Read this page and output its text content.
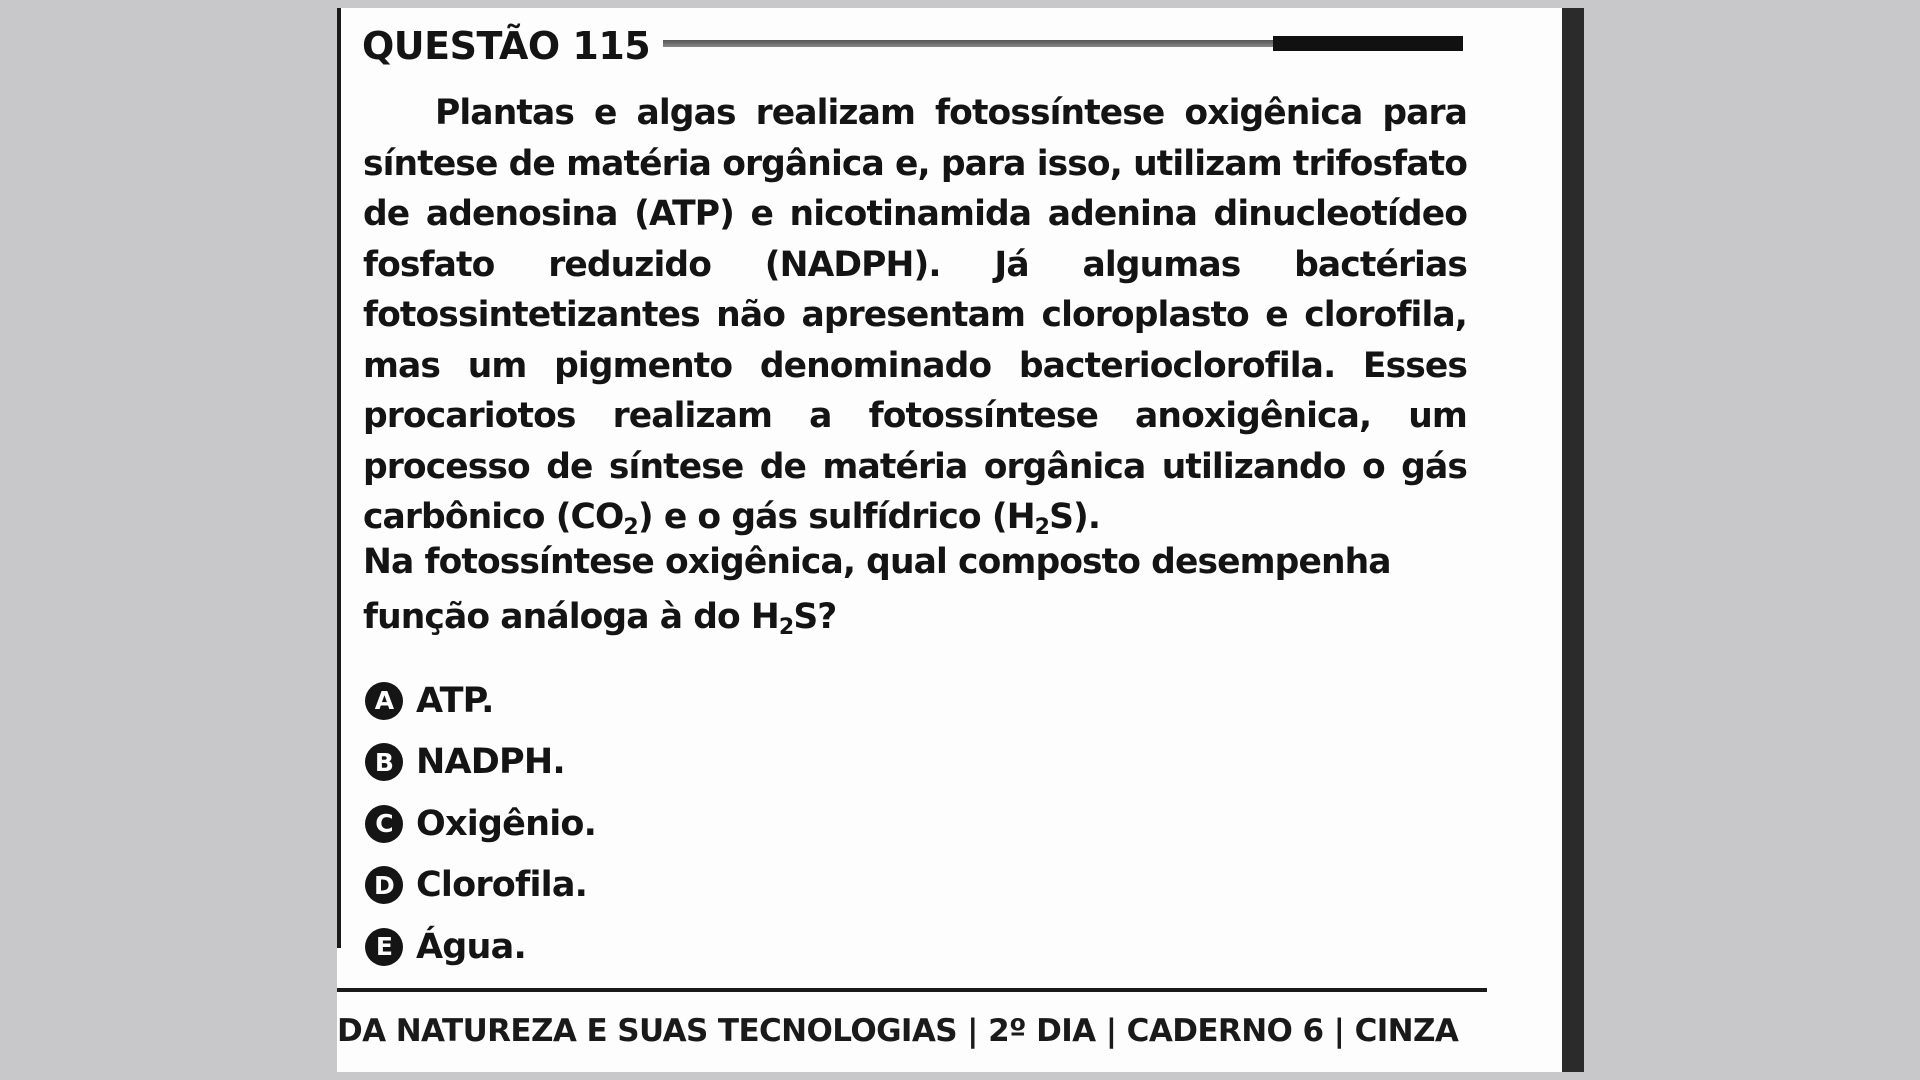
QUESTÃO 115

Plantas e algas realizam fotossíntese oxigênica para síntese de matéria orgânica e, para isso, utilizam trifosfato de adenosina (ATP) e nicotinamida adenina dinucleotídeo fosfato reduzido (NADPH). Já algumas bactérias fotossintetizantes não apresentam cloroplasto e clorofila, mas um pigmento denominado bacterioclorofila. Esses procariotos realizam a fotossíntese anoxigênica, um processo de síntese de matéria orgânica utilizando o gás carbônico $(CO_2)$ e o gás sulfídrico $(H_2S)$.

Na fotossíntese oxigênica, qual composto desempenha função análoga à do $H_2S$?

A ATP.
B NADPH.
C Oxigênio.
D Clorofila.
E Água.
DA NATUREZA E SUAS TECNOLOGIAS | 2º DIA | CADERNO 6 | CINZA
